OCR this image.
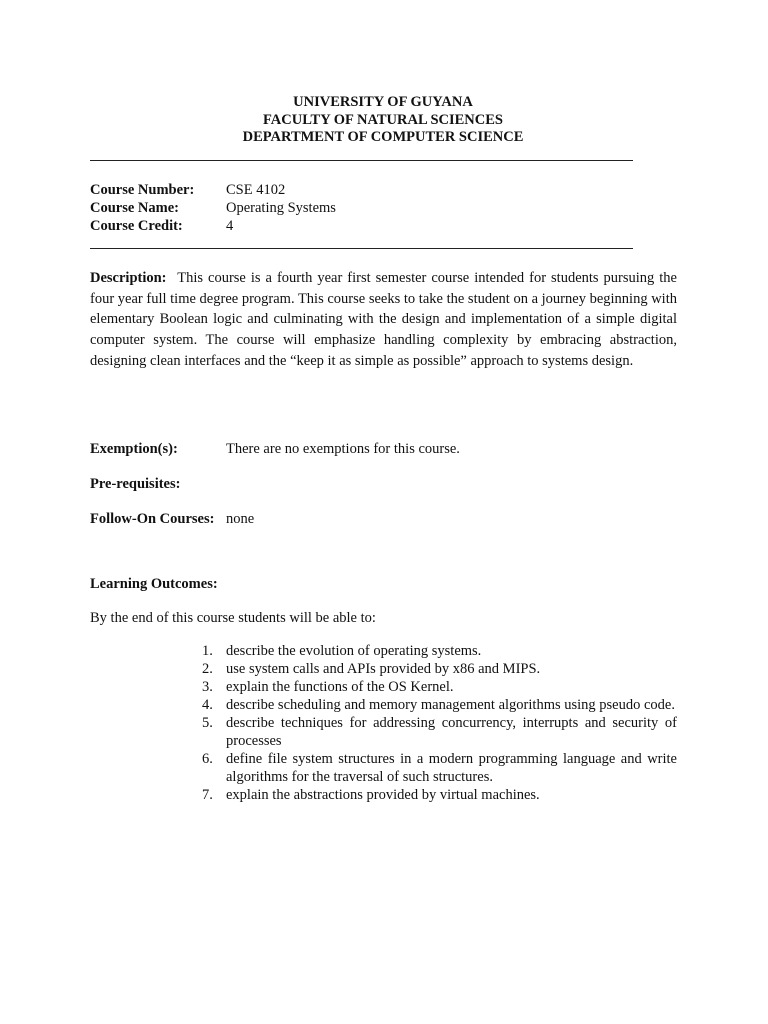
UNIVERSITY OF GUYANA
FACULTY OF NATURAL SCIENCES
DEPARTMENT OF COMPUTER SCIENCE
Course Number:	CSE 4102
Course Name:	Operating Systems
Course Credit:	4
Description: This course is a fourth year first semester course intended for students pursuing the four year full time degree program. This course seeks to take the student on a journey beginning with elementary Boolean logic and culminating with the design and implementation of a simple digital computer system. The course will emphasize handling complexity by embracing abstraction, designing clean interfaces and the “keep it as simple as possible” approach to systems design.
Exemption(s):	There are no exemptions for this course.
Pre-requisites:
Follow-On Courses: none
Learning Outcomes:
By the end of this course students will be able to:
1. describe the evolution of operating systems.
2. use system calls and APIs provided by x86 and MIPS.
3. explain the functions of the OS Kernel.
4. describe scheduling and memory management algorithms using pseudo code.
5. describe techniques for addressing concurrency, interrupts and security of processes
6. define file system structures in a modern programming language and write algorithms for the traversal of such structures.
7. explain the abstractions provided by virtual machines.
